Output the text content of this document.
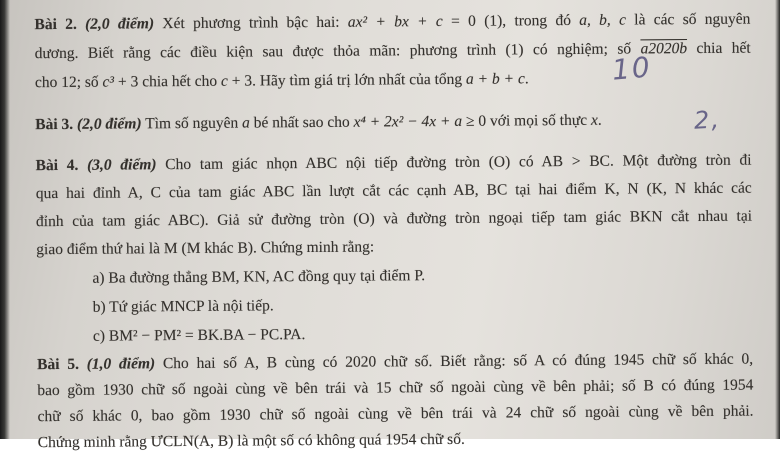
Bài 2. (2,0 điểm) Xét phương trình bậc hai: ax² + bx + c = 0 (1), trong đó a, b, c là các số nguyên
dương. Biết rằng các điều kiện sau được thỏa mãn: phương trình (1) có nghiệm; số a2020b chia hết
cho 12; số c³ + 3 chia hết cho c + 3. Hãy tìm giá trị lớn nhất của tổng a + b + c.
Bài 3. (2,0 điểm) Tìm số nguyên a bé nhất sao cho x⁴ + 2x² − 4x + a ≥ 0 với mọi số thực x.
Bài 4. (3,0 điểm) Cho tam giác nhọn ABC nội tiếp đường tròn (O) có AB > BC. Một đường tròn đi
qua hai đỉnh A, C của tam giác ABC lần lượt cắt các cạnh AB, BC tại hai điểm K, N (K, N khác các
đỉnh của tam giác ABC). Giả sử đường tròn (O) và đường tròn ngoại tiếp tam giác BKN cắt nhau tại
giao điểm thứ hai là M (M khác B). Chứng minh rằng:
a) Ba đường thẳng BM, KN, AC đồng quy tại điểm P.
b) Tứ giác MNCP là nội tiếp.
c) BM² − PM² = BK.BA − PC.PA.
Bài 5. (1,0 điểm) Cho hai số A, B cùng có 2020 chữ số. Biết rằng: số A có đúng 1945 chữ số khác 0,
bao gồm 1930 chữ số ngoài cùng về bên trái và 15 chữ số ngoài cùng về bên phải; số B có đúng 1954
chữ số khác 0, bao gồm 1930 chữ số ngoài cùng về bên trái và 24 chữ số ngoài cùng về bên phải.
Chứng minh rằng ƯCLN(A, B) là một số có không quá 1954 chữ số.
10
2,
